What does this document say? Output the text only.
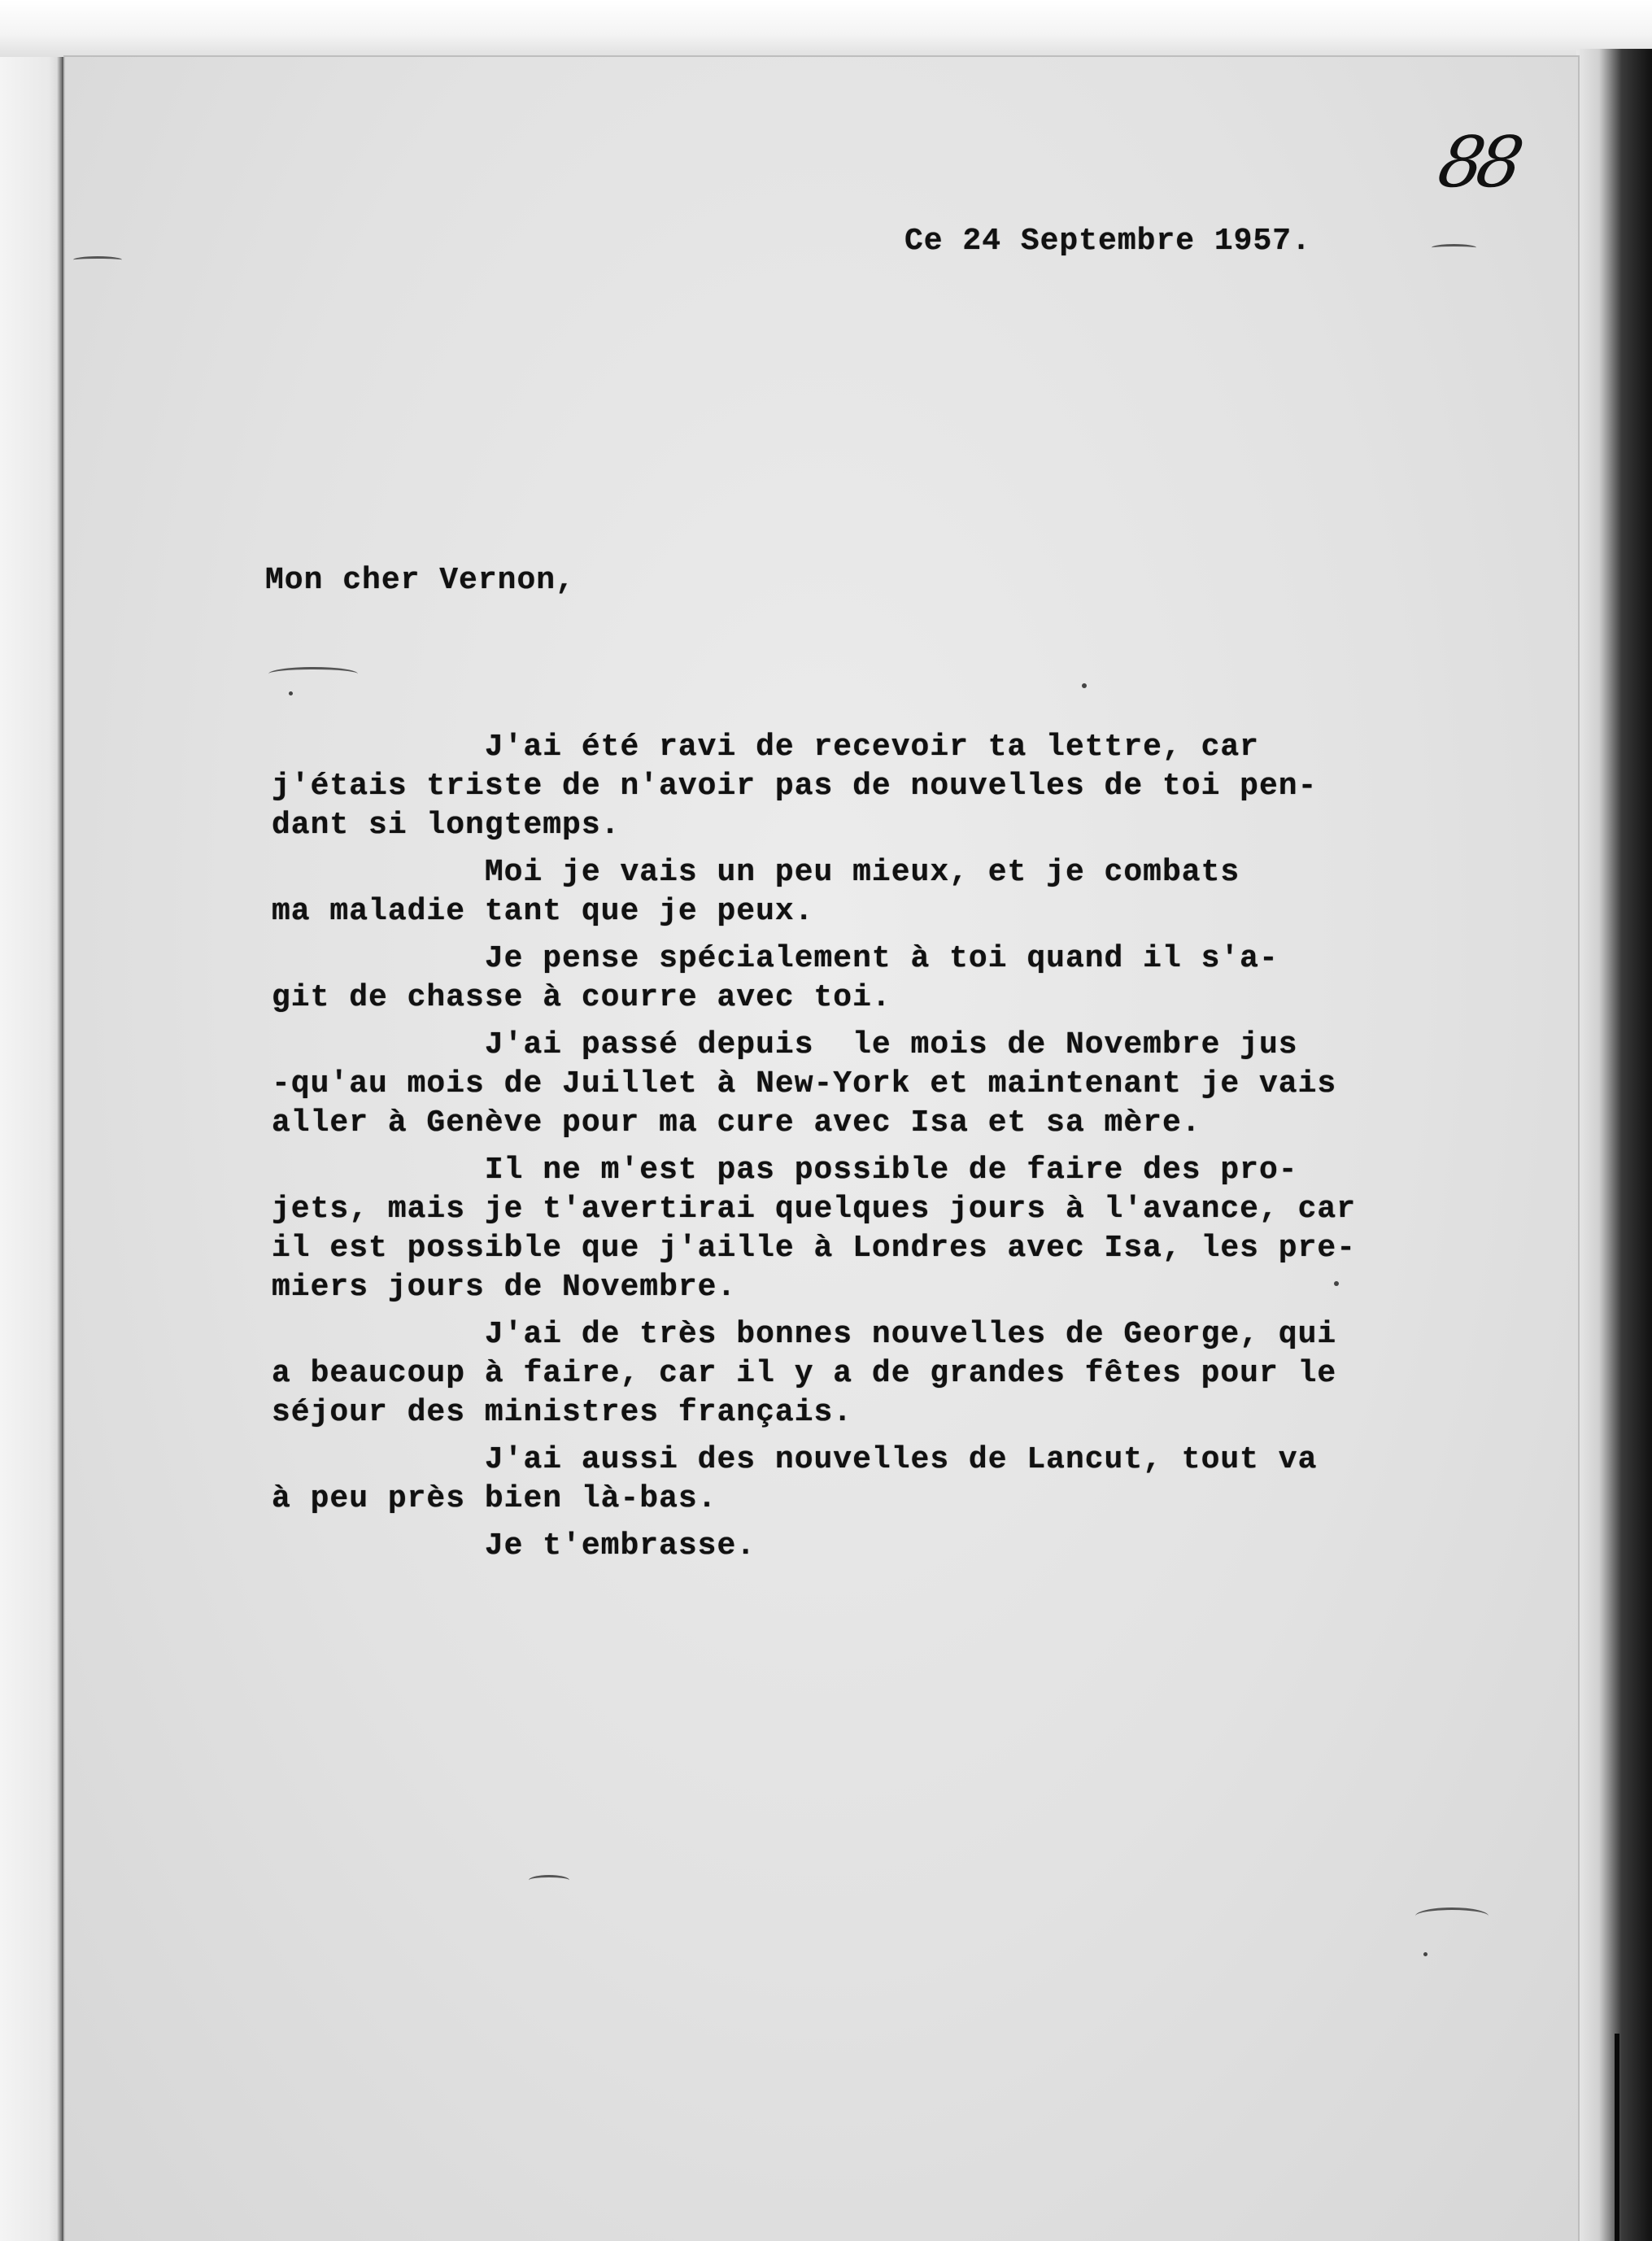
88
Ce 24 Septembre 1957.
Mon cher Vernon,
J'ai été ravi de recevoir ta lettre, car
j'étais triste de n'avoir pas de nouvelles de toi pen-
dant si longtemps.
Moi je vais un peu mieux, et je combats
ma maladie tant que je peux.
Je pense spécialement à toi quand il s'a-
git de chasse à courre avec toi.
J'ai passé depuis  le mois de Novembre jus
-qu'au mois de Juillet à New-York et maintenant je vais
aller à Genève pour ma cure avec Isa et sa mère.
Il ne m'est pas possible de faire des pro-
jets, mais je t'avertirai quelques jours à l'avance, car
il est possible que j'aille à Londres avec Isa, les pre-
miers jours de Novembre.
J'ai de très bonnes nouvelles de George, qui
a beaucoup à faire, car il y a de grandes fêtes pour le
séjour des ministres français.
J'ai aussi des nouvelles de Lancut, tout va
à peu près bien là-bas.
Je t'embrasse.
